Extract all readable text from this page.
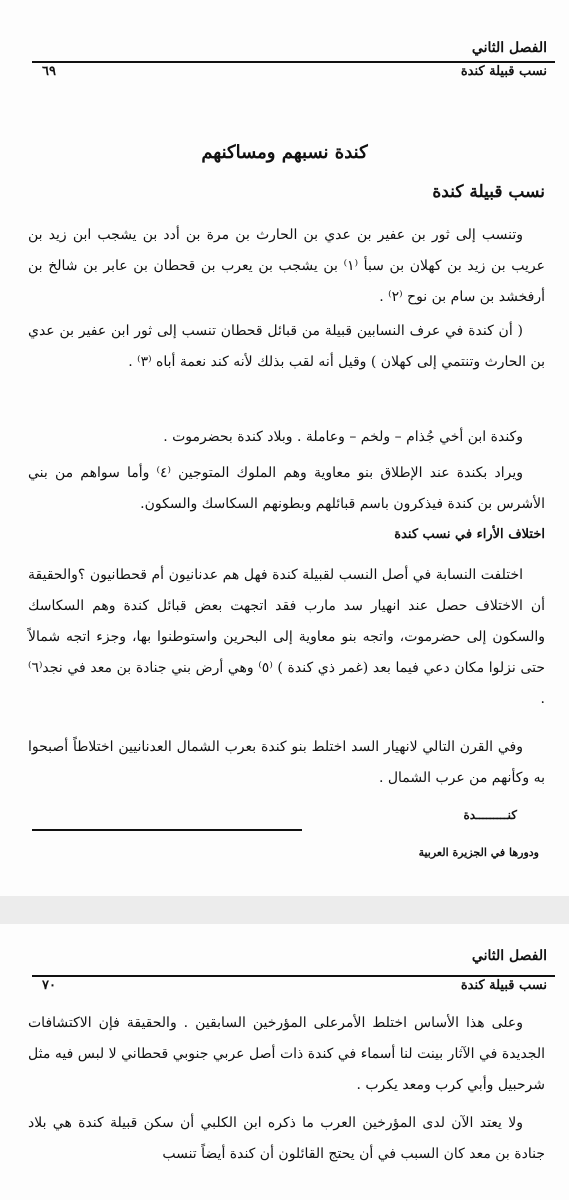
الفصل الثاني
نسب قبيلة كندة
٦٩
كندة نسبهم ومساكنهم
نسب قبيلة كندة

وتنسب إلى ثور بن عفير بن عدي بن الحارث بن مرة بن أدد بن يشجب ابن زيد بن عريب بن زيد بن كهلان بن سبأ ⁽١⁾ بن يشجب بن يعرب بن قحطان بن عابر بن شالخ بن أرفخشد بن سام بن نوح ⁽٢⁾ .

( أن كندة في عرف النسابين قبيلة من قبائل قحطان تنسب إلى ثور ابن عفير بن عدي بن الحارث وتنتمي إلى كهلان ) وقيل أنه لقب بذلك لأنه كند نعمة أباه ⁽٣⁾ .

وكندة ابن أخي جُذام – ولخم – وعاملة . وبلاد كندة بحضرموت .

ويراد بكندة عند الإطلاق بنو معاوية وهم الملوك المتوجين ⁽٤⁾ وأما سواهم من بني الأشرس بن كندة فيذكرون باسم قبائلهم وبطونهم السكاسك والسكون.

اختلاف الأراء في نسب كندة

اختلفت النسابة في أصل النسب لقبيلة كندة فهل هم عدنانيون أم قحطانيون ؟والحقيقة أن الاختلاف حصل عند انهيار سد مارب فقد اتجهت بعض قبائل كندة وهم السكاسك والسكون إلى حضرموت، واتجه بنو معاوية إلى البحرين واستوطنوا بها، وجزء اتجه شمالاً حتى نزلوا مكان دعي فيما بعد (غمر ذي كندة ) ⁽٥⁾ وهي أرض بني جنادة بن معد في نجد⁽٦⁾ .

وفي القرن التالي لانهيار السد اختلط بنو كندة بعرب الشمال العدنانيين اختلاطاً أصبحوا به وكأنهم من عرب الشمال .

كنـــــــــدة
ودورها في الجزيرة العربية
الفصل الثاني
نسب قبيلة كندة
٧٠

وعلى هذا الأساس اختلط الأمرعلى المؤرخين السابقين . والحقيقة فإن الاكتشافات الجديدة في الآثار بينت لنا أسماء في كندة ذات أصل عربي جنوبي قحطاني لا لبس فيه مثل شرحبيل وأبي كرب ومعد يكرب .

ولا يعتد الآن لدى المؤرخين العرب ما ذكره ابن الكلبي أن سكن قبيلة كندة هي بلاد جنادة بن معد كان السبب في أن يحتج القائلون أن كندة أيضاً تنسب
